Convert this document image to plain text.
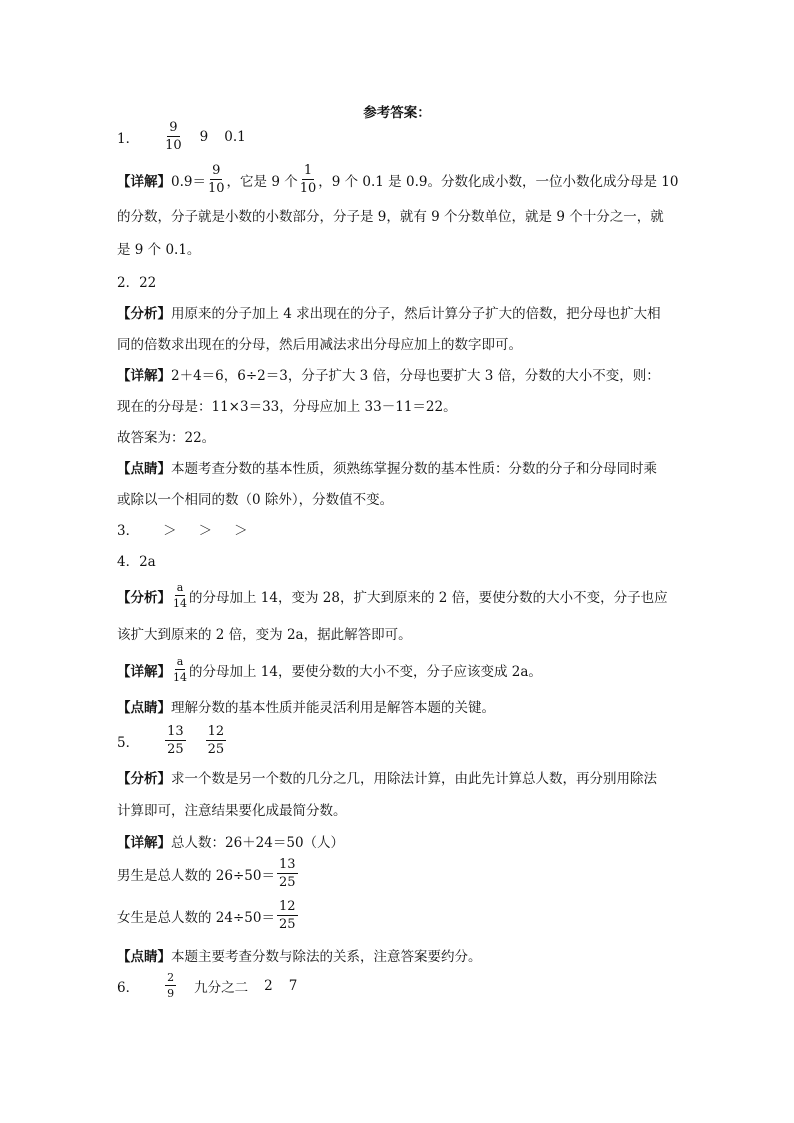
参考答案：
1． $\frac{9}{10} 9$ 0.1
【详解】 $0.9= \frac{9}{10}$ ，它是 9 个 $\frac{1}{10}$ ，9 个 0.1 是 0.9。分数化成小数，一位小数化成分母是 10
的分数，分子就是小数的小数部分，分子是 9，就有 9 个分数单位，就是 9 个十分之一，就
是 9 个 0.1。
2．22
【分析】 用原来的分子加上 4 求出现在的分子，然后计算分子扩大的倍数，把分母也扩大相
同的倍数求出现在的分母，然后用减法求出分母应加上的数字即可。
【详解】 2＋4＝6，6÷2＝3，分子扩大 3 倍，分母也要扩大 3 倍，分数的大小不变，则：
现在的分母是：11×3＝33，分母应加上 33－11＝22。
故答案为：22。
【点睛】 本题考查分数的基本性质，须熟练掌握分数的基本性质：分数的分子和分母同时乘
或除以一个相同的数（0 除外），分数值不变。
3． ＞ ＞ ＞
4．2a
【分析】 $\frac{a}{14}$ 的分母加上 14，变为 28，扩大到原来的 2 倍，要使分数的大小不变，分子也应
该扩大到原来的 2 倍，变为 2a，据此解答即可。
【详解】 $\frac{a}{14}$ 的分母加上 14，要使分数的大小不变，分子应该变成 2a。
【点睛】 理解分数的基本性质并能灵活利用是解答本题的关键。
5． $\frac{13}{25} \frac{12}{25}$
【分析】 求一个数是另一个数的几分之几，用除法计算，由此先计算总人数，再分别用除法
计算即可，注意结果要化成最简分数。
【详解】 总人数：26＋24＝50（人）
男生是总人数的 $26\div 50= \frac{13}{25}$
女生是总人数的 $24\div 50= \frac{12}{25}$
【点睛】 本题主要考查分数与除法的关系，注意答案要约分。
6． $\frac{2}{9}$ 九分之二 2 7
